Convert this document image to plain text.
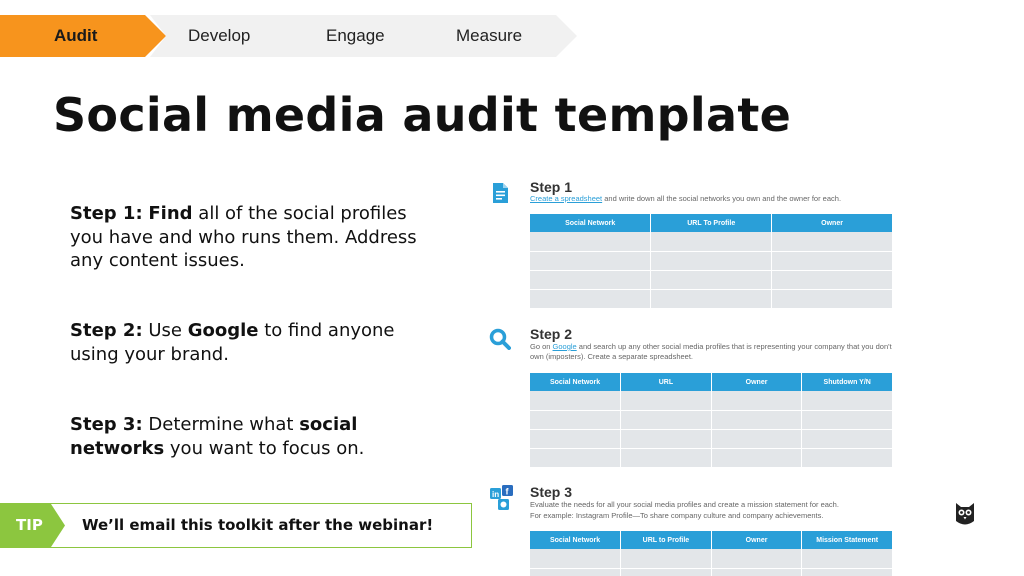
Audit	Develop	Engage	Measure
Social media audit template
Step 1: Find all of the social profiles you have and who runs them. Address any content issues.
Step 2: Use Google to find anyone using your brand.
Step 3: Determine what social networks you want to focus on.
Step 1
Create a spreadsheet and write down all the social networks you own and the owner for each.
Social Network	URL To Profile	Owner

Step 2
Go on Google and search up any other social media profiles that is representing your company that you don't own (imposters). Create a separate spreadsheet.
Social Network	URL	Owner	Shutdown Y/N

in f Step 3
Evaluate the needs for all your social media profiles and create a mission statement for each.
For example: Instagram Profile—To share company culture and company achievements.
Social Network	URL to Profile	Owner	Mission Statement

TIP	We’ll email this toolkit after the webinar!
